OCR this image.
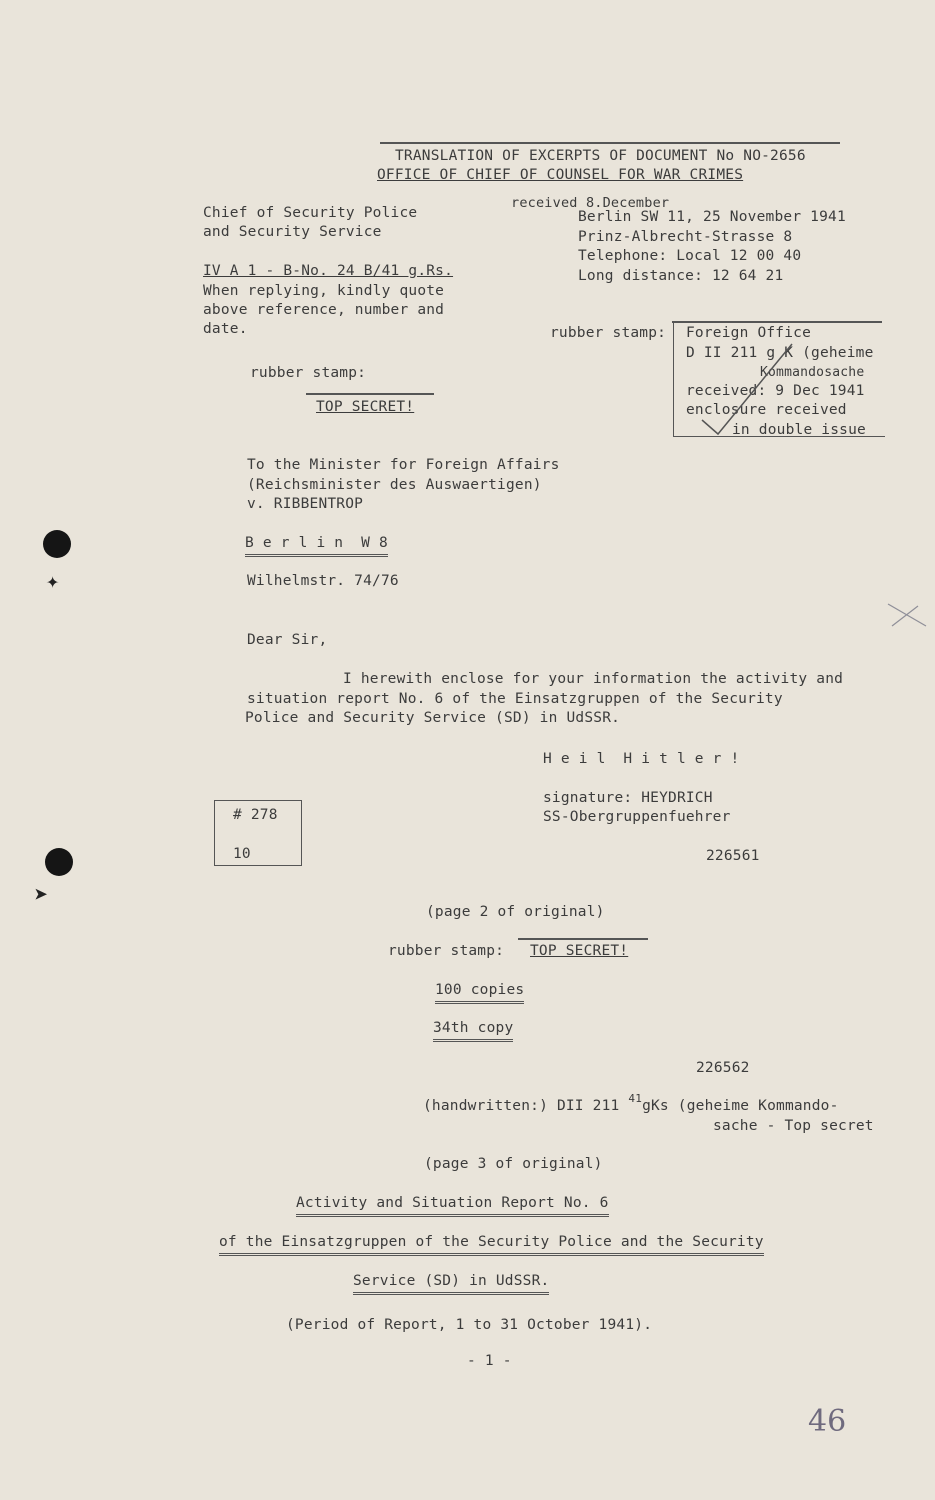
✦
➤
TRANSLATION OF EXCERPTS OF DOCUMENT No NO-2656
OFFICE OF CHIEF OF COUNSEL FOR WAR CRIMES
Chief of Security Police
and Security Service
IV A 1 - B-No. 24 B/41 g.Rs.
When replying, kindly quote
above reference, number and
date.
received 8.December
Berlin SW 11, 25 November 1941
Prinz-Albrecht-Strasse 8
Telephone: Local 12 00 40
Long distance: 12 64 21
rubber stamp:
TOP SECRET!
rubber stamp: Foreign Office
D II 211 g K (geheime
Kommandosache
received: 9 Dec 1941
enclosure received
in double issue
To the Minister for Foreign Affairs
(Reichsminister des Auswaertigen)
v. RIBBENTROP
B e r l i n  W 8
Wilhelmstr. 74/76
Dear Sir,
I herewith enclose for your information the activity and
situation report No. 6 of the Einsatzgruppen of the Security
Police and Security Service (SD) in UdSSR.
H e i l  H i t l e r !
signature: HEYDRICH
SS-Obergruppenfuehrer
# 278
10	226561
(page 2 of original)
rubber stamp: TOP SECRET!
100 copies
34th copy
226562
(handwritten:) DII 211 $^{41}$gKs (geheime Kommando-
sache - Top secret
(page 3 of original)
Activity and Situation Report No. 6
of the Einsatzgruppen of the Security Police and the Security
Service (SD) in UdSSR.
(Period of Report, 1 to 31 October 1941).
- 1 -
46
